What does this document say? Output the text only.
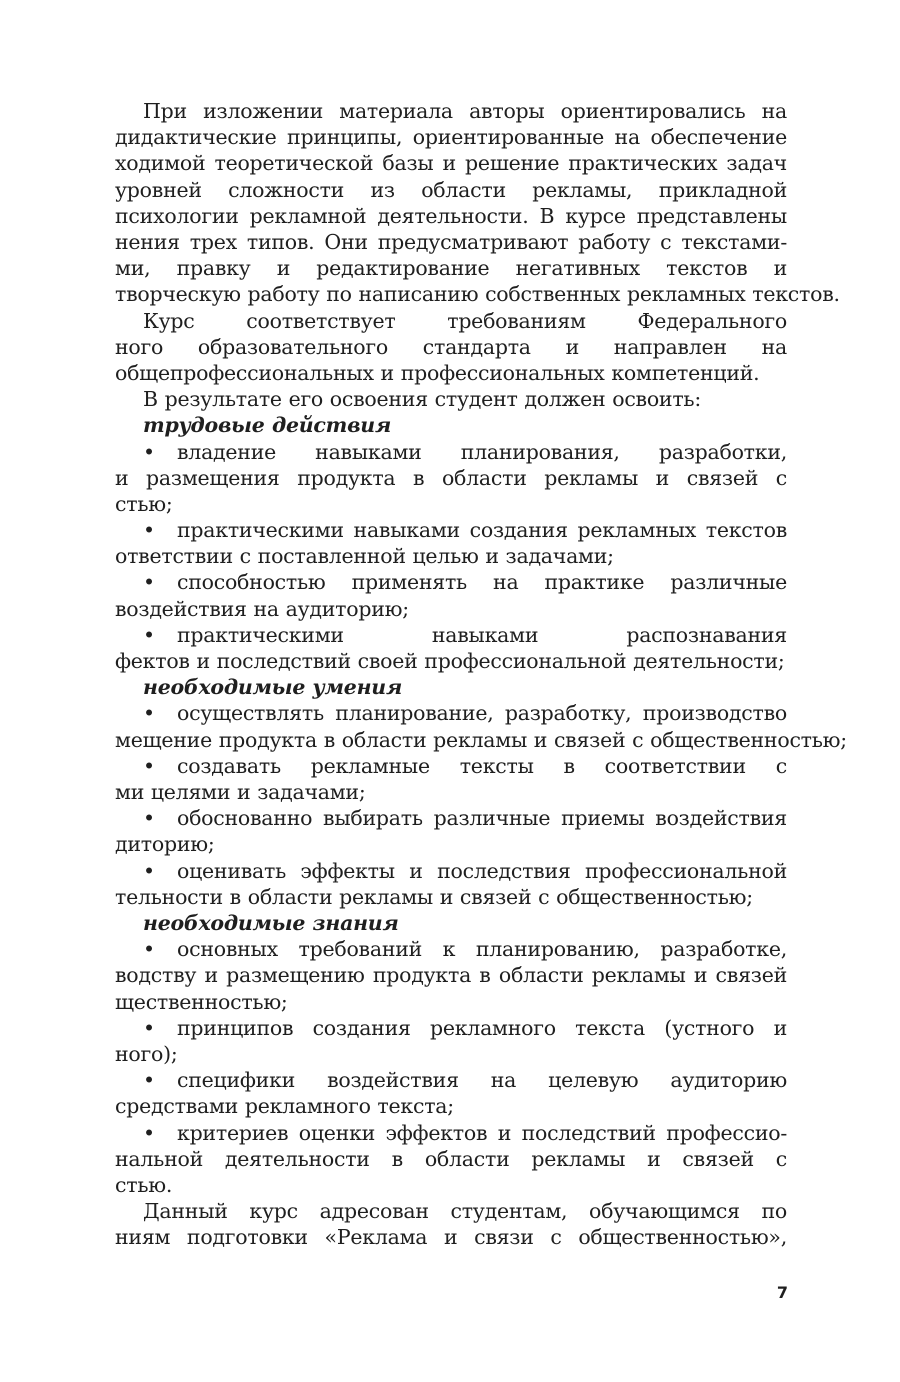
При изложении материала авторы ориентировались на
дидактические принципы, ориентированные на обеспечение
ходимой теоретической базы и решение практических задач
уровней сложности из области рекламы, прикладной
психологии рекламной деятельности. В курсе представлены
нения трех типов. Они предусматривают работу с текстами-
ми, правку и редактирование негативных текстов и
творческую работу по написанию собственных рекламных текстов.
Курс соответствует требованиям Федерального
ного образовательного стандарта и направлен на
общепрофессиональных и профессиональных компетенций.
В результате его освоения студент должен освоить:
трудовые действия
• владение навыками планирования, разработки,
и размещения продукта в области рекламы и связей с
стью;
• практическими навыками создания рекламных текстов
ответствии с поставленной целью и задачами;
• способностью применять на практике различные
воздействия на аудиторию;
• практическими навыками распознавания
фектов и последствий своей профессиональной деятельности;
необходимые умения
• осуществлять планирование, разработку, производство
мещение продукта в области рекламы и связей с общественностью;
• создавать рекламные тексты в соответствии с
ми целями и задачами;
• обоснованно выбирать различные приемы воздействия
диторию;
• оценивать эффекты и последствия профессиональной
тельности в области рекламы и связей с общественностью;
необходимые знания
• основных требований к планированию, разработке,
водству и размещению продукта в области рекламы и связей
щественностью;
• принципов создания рекламного текста (устного и
ного);
• специфики воздействия на целевую аудиторию
средствами рекламного текста;
• критериев оценки эффектов и последствий профессио-
нальной деятельности в области рекламы и связей с
стью.
Данный курс адресован студентам, обучающимся по
ниям подготовки «Реклама и связи с общественностью»,
7
